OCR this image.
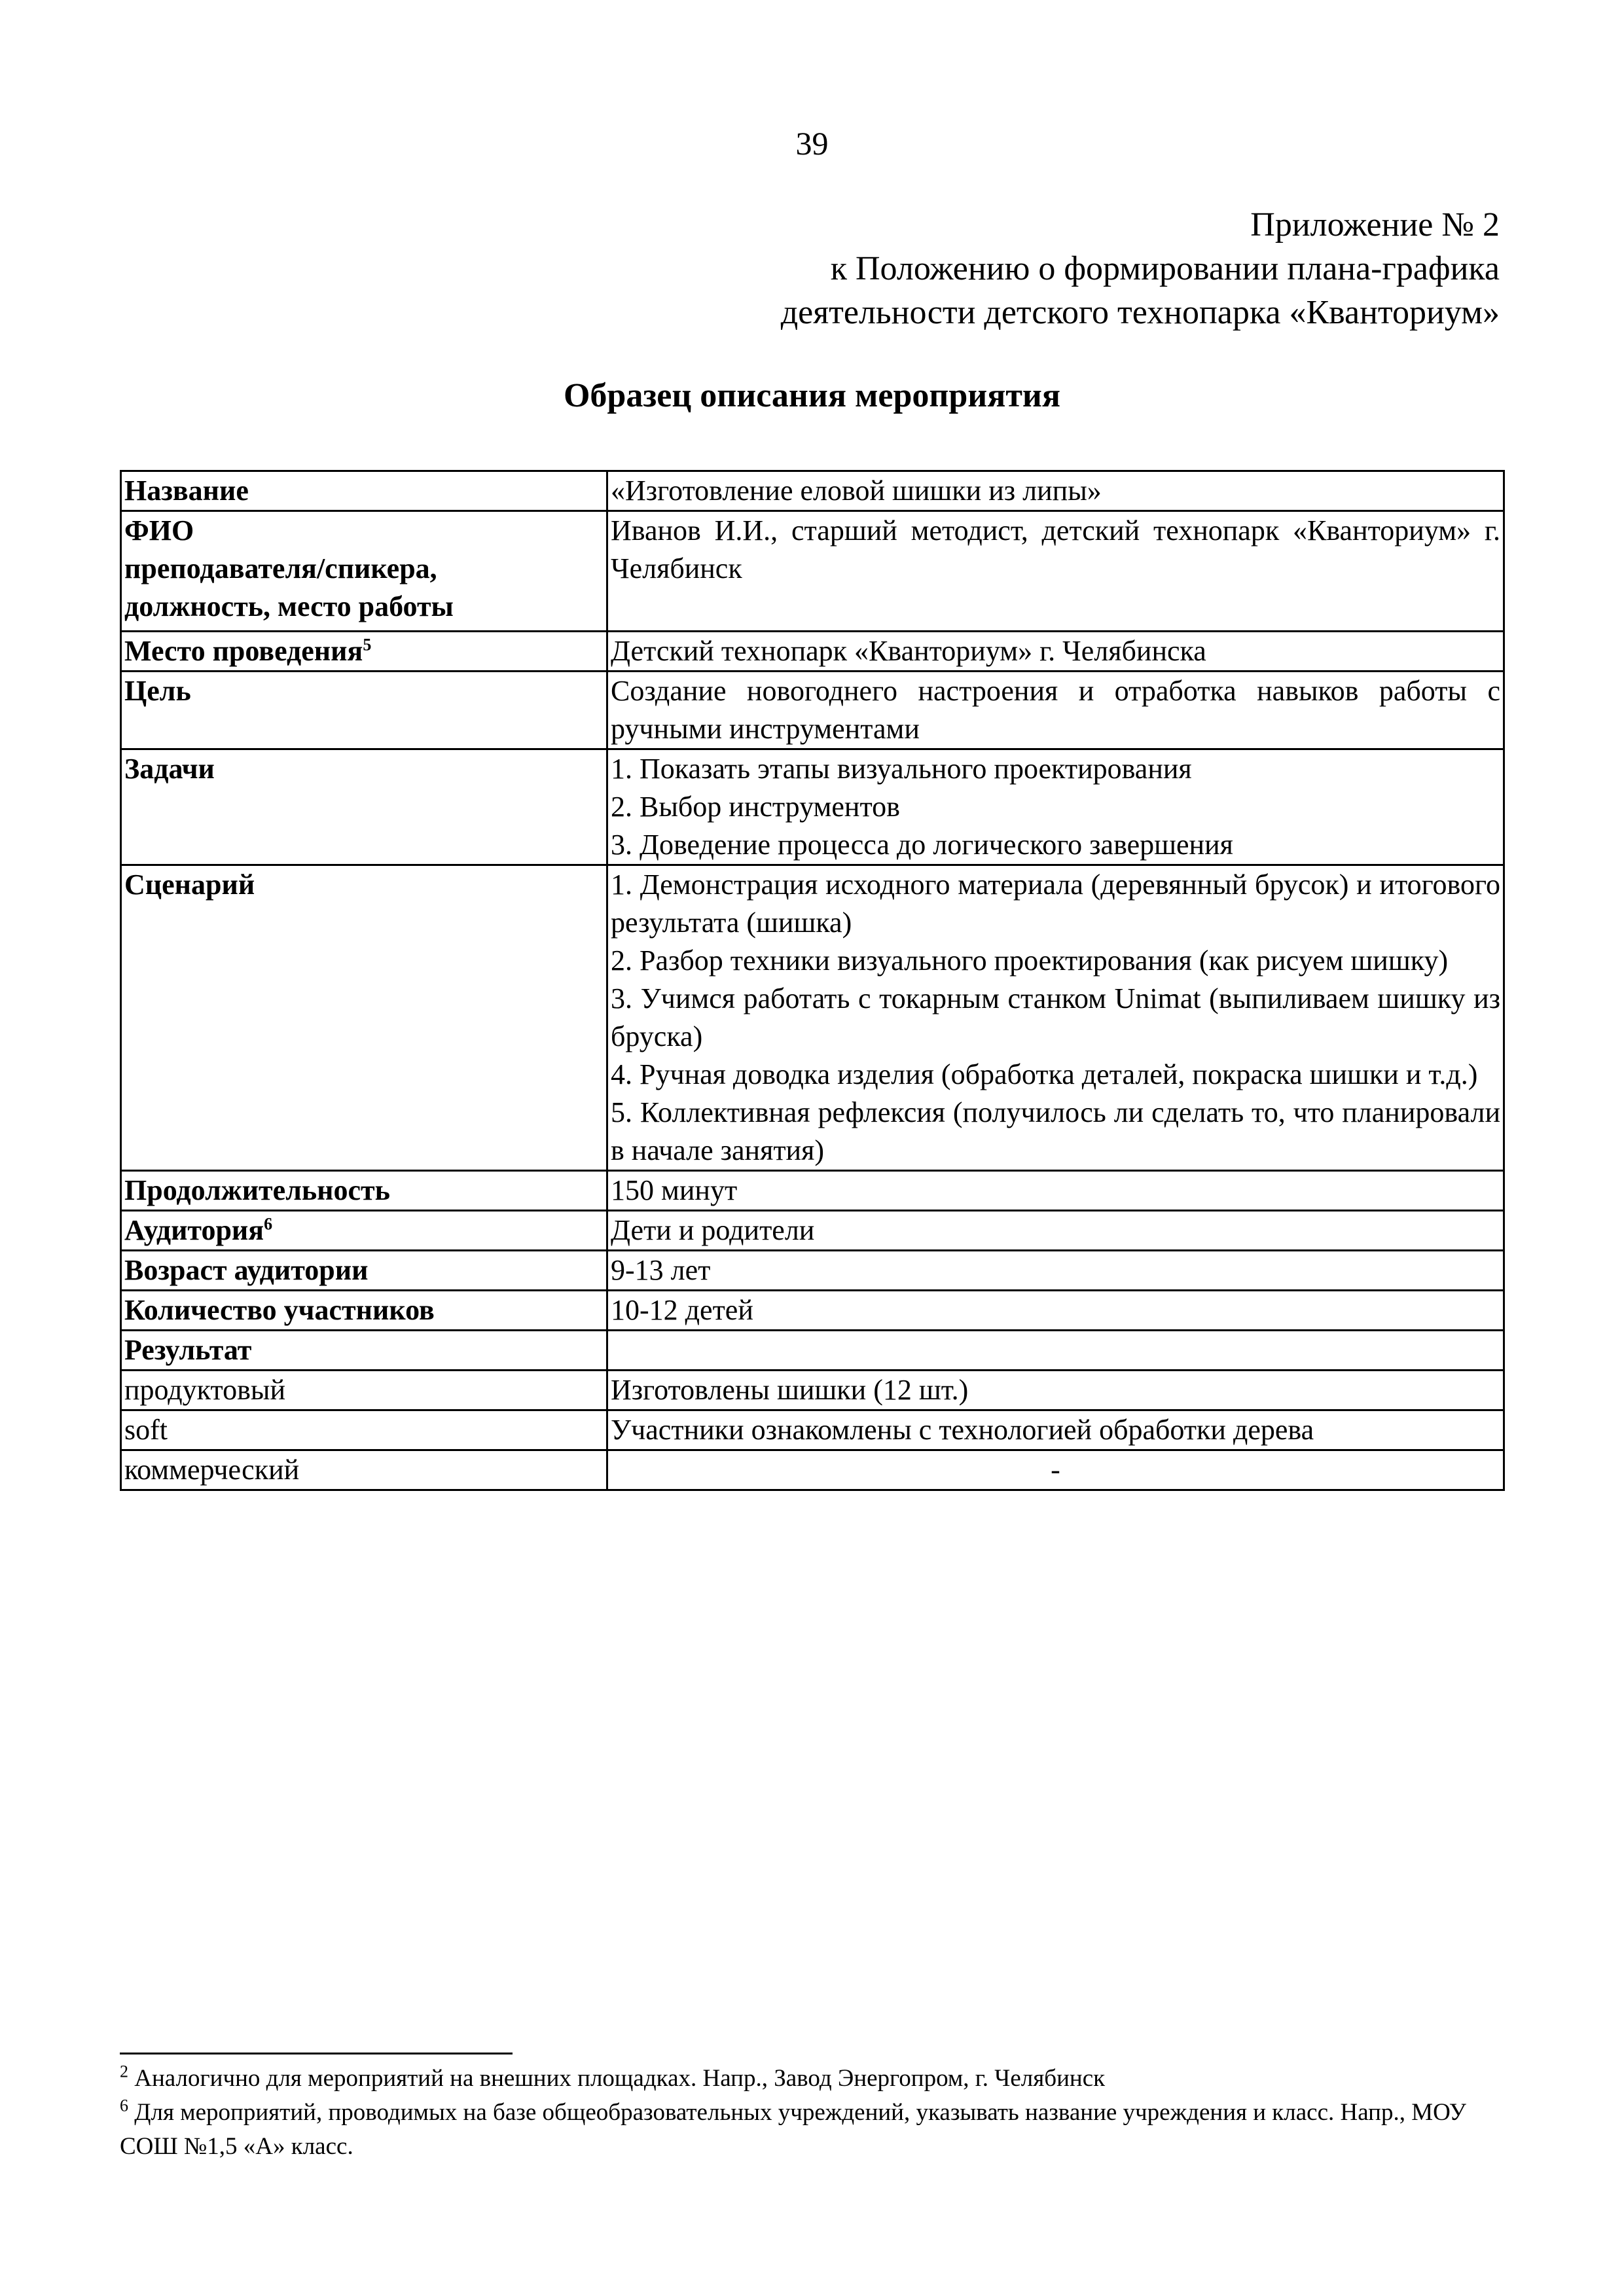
39
Приложение № 2
к Положению о формировании плана-графика
деятельности детского технопарка «Кванториум»
Образец описания мероприятия
Название	«Изготовление еловой шишки из липы»

ФИО
преподавателя/спикера,
должность, место работы	Иванов И.И., старший методист, детский технопарк «Кванториум» г. Челябинск
Место проведения$^5$	Детский технопарк «Кванториум» г. Челябинска
Цель	Создание новогоднего настроения и отработка навыков работы с ручными инструментами
Задачи	1. Показать этапы визуального проектирования
2. Выбор инструментов
3. Доведение процесса до логического завершения

Сценарий	1. Демонстрация исходного материала (деревянный брусок) и итогового результата (шишка)
2. Разбор техники визуального проектирования (как рисуем шишку)
3. Учимся работать с токарным станком Unimat (выпиливаем шишку из бруска)
4. Ручная доводка изделия (обработка деталей, покраска шишки и т.д.)
5. Коллективная рефлексия (получилось ли сделать то, что планировали в начале занятия)

Продолжительность	150 минут
Аудитория$^6$	Дети и родители
Возраст аудитории	9-13 лет
Количество участников	10-12 детей
Результат	
продуктовый	Изготовлены шишки (12 шт.)
soft	Участники ознакомлены с технологией обработки дерева
коммерческий	-
$^2$ Аналогично для мероприятий на внешних площадках. Напр., Завод Энергопром, г. Челябинск
$^6$ Для мероприятий, проводимых на базе общеобразовательных учреждений, указывать название учреждения и класс. Напр., МОУ СОШ №1,5 «А» класс.
